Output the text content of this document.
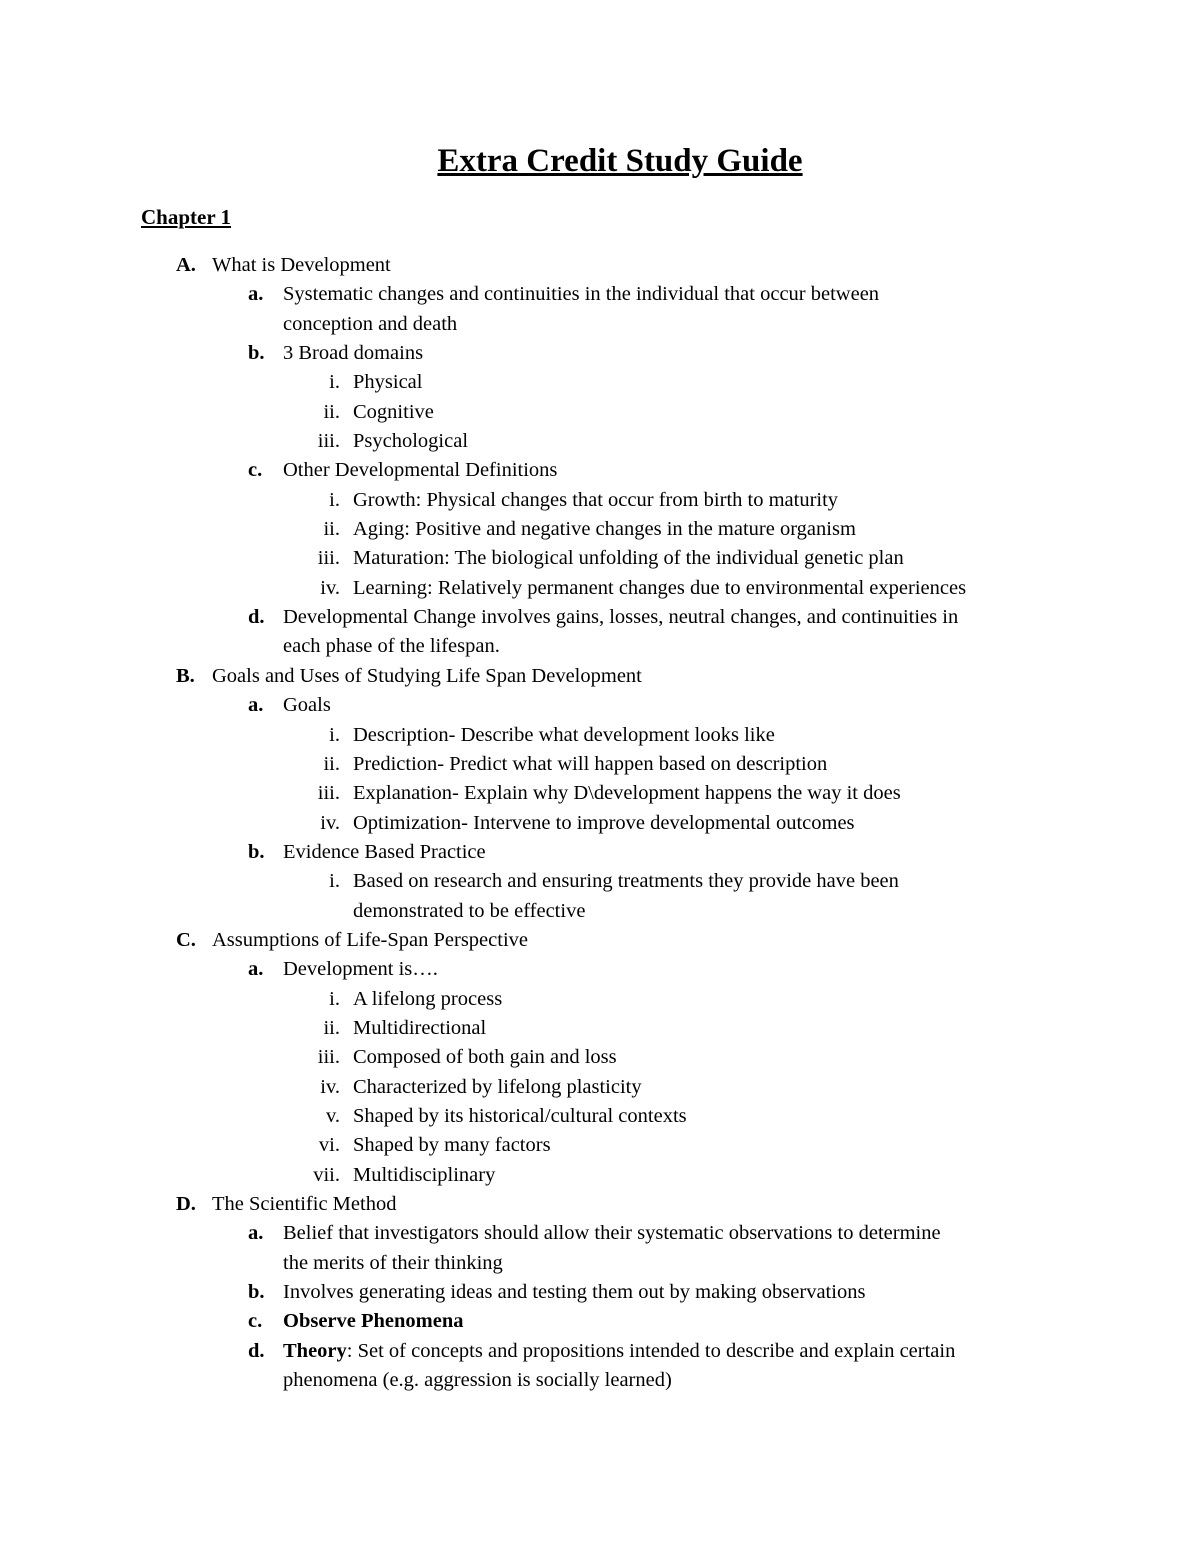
Extra Credit Study Guide
Chapter 1
A. What is Development
a. Systematic changes and continuities in the individual that occur between
conception and death
b. 3 Broad domains
i. Physical
ii. Cognitive
iii. Psychological
c. Other Developmental Definitions
i. Growth: Physical changes that occur from birth to maturity
ii. Aging: Positive and negative changes in the mature organism
iii. Maturation: The biological unfolding of the individual genetic plan
iv. Learning: Relatively permanent changes due to environmental experiences
d. Developmental Change involves gains, losses, neutral changes, and continuities in
each phase of the lifespan.
B. Goals and Uses of Studying Life Span Development
a. Goals
i. Description- Describe what development looks like
ii. Prediction- Predict what will happen based on description
iii. Explanation- Explain why D\development happens the way it does
iv. Optimization- Intervene to improve developmental outcomes
b. Evidence Based Practice
i. Based on research and ensuring treatments they provide have been
demonstrated to be effective
C. Assumptions of Life-Span Perspective
a. Development is….
i. A lifelong process
ii. Multidirectional
iii. Composed of both gain and loss
iv. Characterized by lifelong plasticity
v. Shaped by its historical/cultural contexts
vi. Shaped by many factors
vii. Multidisciplinary
D. The Scientific Method
a. Belief that investigators should allow their systematic observations to determine
the merits of their thinking
b. Involves generating ideas and testing them out by making observations
c. Observe Phenomena
d. Theory: Set of concepts and propositions intended to describe and explain certain
phenomena (e.g. aggression is socially learned)
